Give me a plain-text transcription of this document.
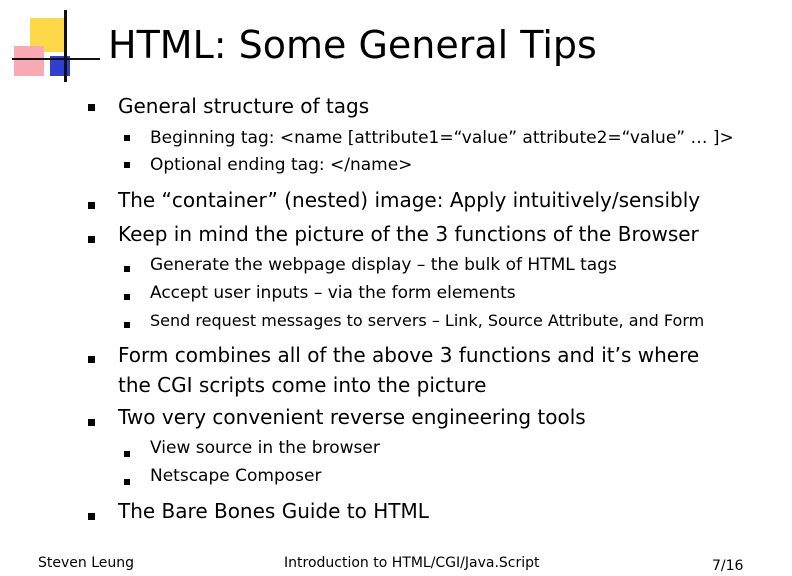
HTML: Some General Tips
General structure of tags
Beginning tag: <name [attribute1=“value” attribute2=“value” … ]>
Optional ending tag: </name>
The “container” (nested) image: Apply intuitively/sensibly
Keep in mind the picture of the 3 functions of the Browser
Generate the webpage display – the bulk of HTML tags
Accept user inputs – via the form elements
Send request messages to servers – Link, Source Attribute, and Form
Form combines all of the above 3 functions and it’s where
the CGI scripts come into the picture
Two very convenient reverse engineering tools
View source in the browser
Netscape Composer
The Bare Bones Guide to HTML
Steven Leung	Introduction to HTML/CGI/Java.Script	7/16
